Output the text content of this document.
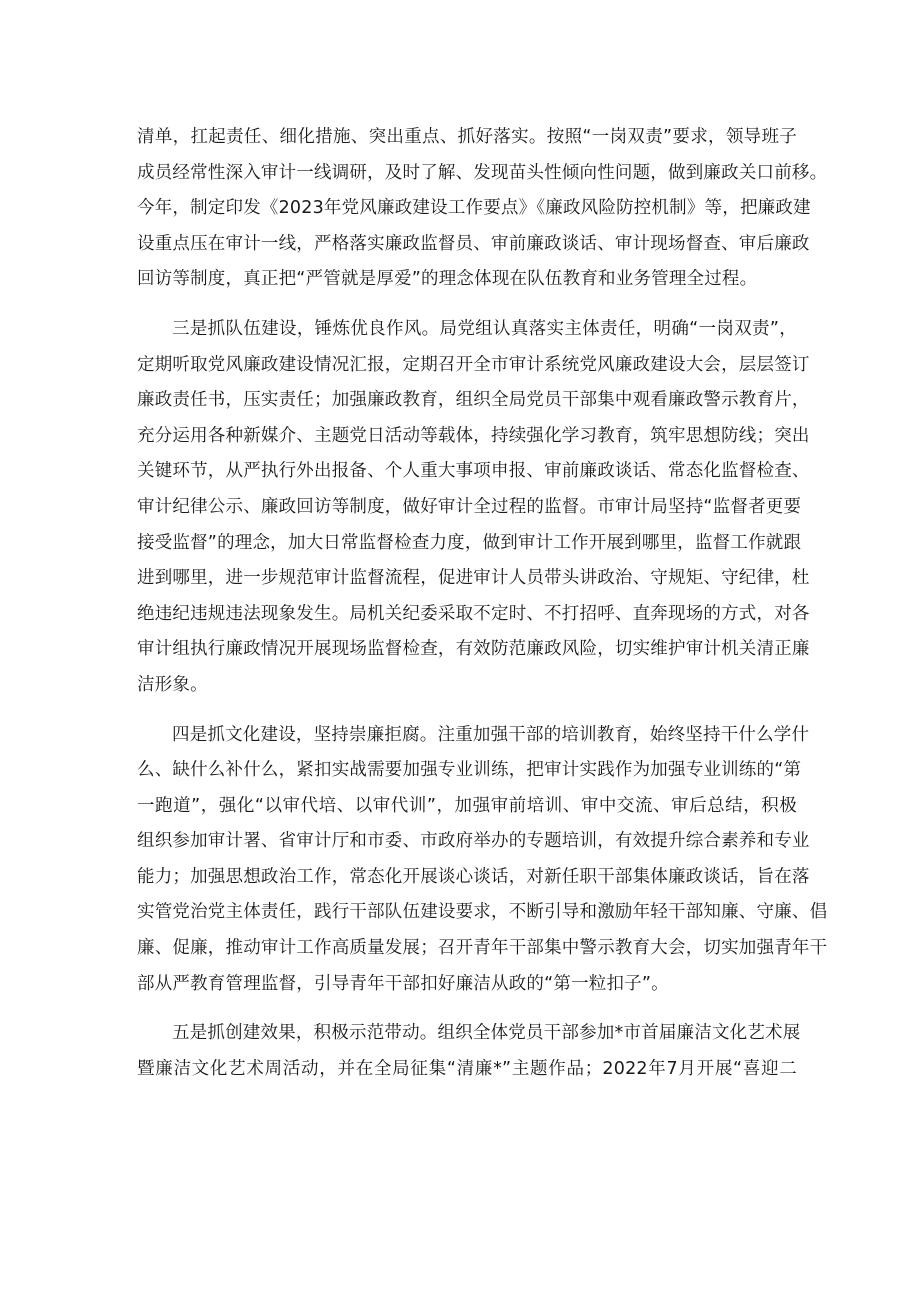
清单，扛起责任、细化措施、突出重点、抓好落实。按照“一岗双责”要求，领导班子
成员经常性深入审计一线调研，及时了解、发现苗头性倾向性问题，做到廉政关口前移。
今年，制定印发《2023年党风廉政建设工作要点》《廉政风险防控机制》等，把廉政建
设重点压在审计一线，严格落实廉政监督员、审前廉政谈话、审计现场督查、审后廉政
回访等制度，真正把“严管就是厚爱”的理念体现在队伍教育和业务管理全过程。
三是抓队伍建设，锤炼优良作风。局党组认真落实主体责任，明确“一岗双责”，
定期听取党风廉政建设情况汇报，定期召开全市审计系统党风廉政建设大会，层层签订
廉政责任书，压实责任；加强廉政教育，组织全局党员干部集中观看廉政警示教育片，
充分运用各种新媒介、主题党日活动等载体，持续强化学习教育，筑牢思想防线；突出
关键环节，从严执行外出报备、个人重大事项申报、审前廉政谈话、常态化监督检查、
审计纪律公示、廉政回访等制度，做好审计全过程的监督。市审计局坚持“监督者更要
接受监督”的理念，加大日常监督检查力度，做到审计工作开展到哪里，监督工作就跟
进到哪里，进一步规范审计监督流程，促进审计人员带头讲政治、守规矩、守纪律，杜
绝违纪违规违法现象发生。局机关纪委采取不定时、不打招呼、直奔现场的方式，对各
审计组执行廉政情况开展现场监督检查，有效防范廉政风险，切实维护审计机关清正廉
洁形象。
四是抓文化建设，坚持崇廉拒腐。注重加强干部的培训教育，始终坚持干什么学什
么、缺什么补什么，紧扣实战需要加强专业训练，把审计实践作为加强专业训练的“第
一跑道”，强化“以审代培、以审代训”，加强审前培训、审中交流、审后总结，积极
组织参加审计署、省审计厅和市委、市政府举办的专题培训，有效提升综合素养和专业
能力；加强思想政治工作，常态化开展谈心谈话，对新任职干部集体廉政谈话，旨在落
实管党治党主体责任，践行干部队伍建设要求，不断引导和激励年轻干部知廉、守廉、倡
廉、促廉，推动审计工作高质量发展；召开青年干部集中警示教育大会，切实加强青年干
部从严教育管理监督，引导青年干部扣好廉洁从政的“第一粒扣子”。
五是抓创建效果，积极示范带动。组织全体党员干部参加*市首届廉洁文化艺术展
暨廉洁文化艺术周活动，并在全局征集“清廉*”主题作品；2022年7月开展“喜迎二
